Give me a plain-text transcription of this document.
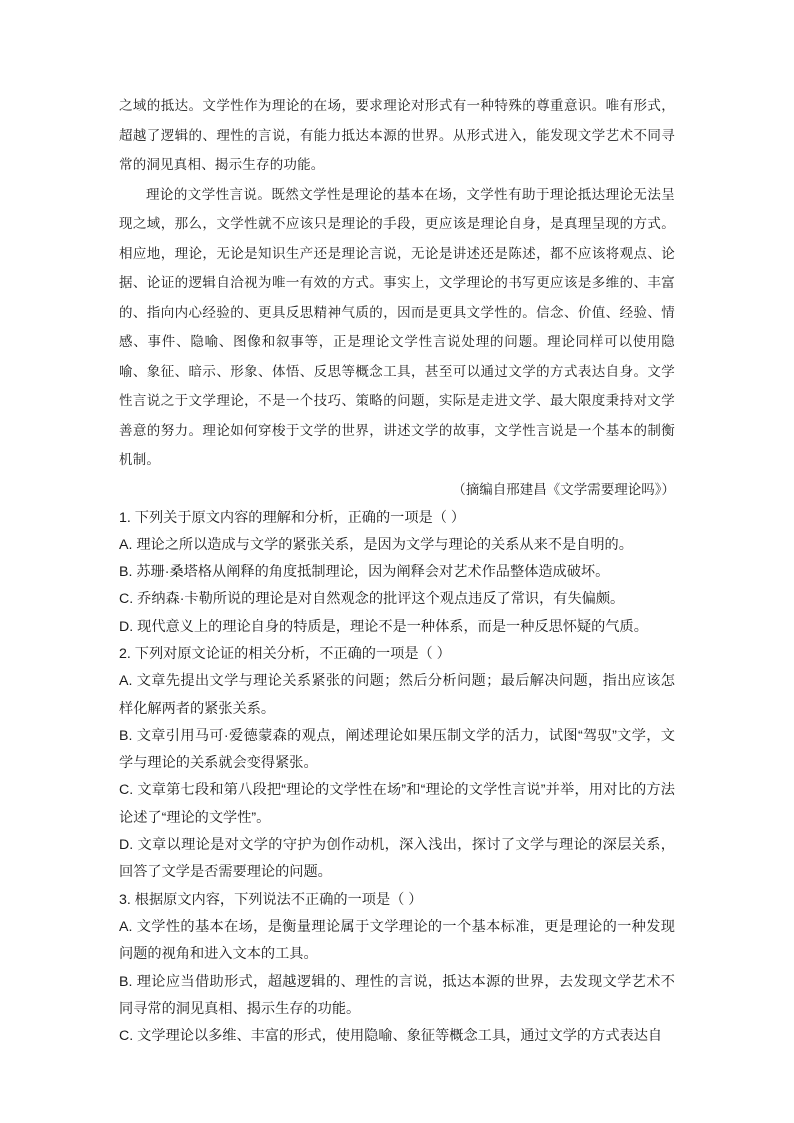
之域的抵达。文学性作为理论的在场，要求理论对形式有一种特殊的尊重意识。唯有形式，超越了逻辑的、理性的言说，有能力抵达本源的世界。从形式进入，能发现文学艺术不同寻常的洞见真相、揭示生存的功能。

理论的文学性言说。既然文学性是理论的基本在场，文学性有助于理论抵达理论无法呈现之域，那么，文学性就不应该只是理论的手段，更应该是理论自身，是真理呈现的方式。相应地，理论，无论是知识生产还是理论言说，无论是讲述还是陈述，都不应该将观点、论据、论证的逻辑自洽视为唯一有效的方式。事实上，文学理论的书写更应该是多维的、丰富的、指向内心经验的、更具反思精神气质的，因而是更具文学性的。信念、价值、经验、情感、事件、隐喻、图像和叙事等，正是理论文学性言说处理的问题。理论同样可以使用隐喻、象征、暗示、形象、体悟、反思等概念工具，甚至可以通过文学的方式表达自身。文学性言说之于文学理论，不是一个技巧、策略的问题，实际是走进文学、最大限度秉持对文学善意的努力。理论如何穿梭于文学的世界，讲述文学的故事，文学性言说是一个基本的制衡机制。

（摘编自邢建昌《文学需要理论吗》）

1. 下列关于原文内容的理解和分析，正确的一项是（ ）

A. 理论之所以造成与文学的紧张关系，是因为文学与理论的关系从来不是自明的。

B. 苏珊·桑塔格从阐释的角度抵制理论，因为阐释会对艺术作品整体造成破坏。

C. 乔纳森·卡勒所说的理论是对自然观念的批评这个观点违反了常识，有失偏颇。

D. 现代意义上的理论自身的特质是，理论不是一种体系，而是一种反思怀疑的气质。

2. 下列对原文论证的相关分析，不正确的一项是（ ）

A. 文章先提出文学与理论关系紧张的问题；然后分析问题；最后解决问题，指出应该怎样化解两者的紧张关系。

B. 文章引用马可·爱德蒙森的观点，阐述理论如果压制文学的活力，试图“驾驭”文学，文学与理论的关系就会变得紧张。

C. 文章第七段和第八段把“理论的文学性在场”和“理论的文学性言说”并举，用对比的方法论述了“理论的文学性”。

D. 文章以理论是对文学的守护为创作动机，深入浅出，探讨了文学与理论的深层关系，回答了文学是否需要理论的问题。

3. 根据原文内容，下列说法不正确的一项是（ ）

A. 文学性的基本在场，是衡量理论属于文学理论的一个基本标准，更是理论的一种发现问题的视角和进入文本的工具。

B. 理论应当借助形式，超越逻辑的、理性的言说，抵达本源的世界，去发现文学艺术不同寻常的洞见真相、揭示生存的功能。

C. 文学理论以多维、丰富的形式，使用隐喻、象征等概念工具，通过文学的方式表达自
